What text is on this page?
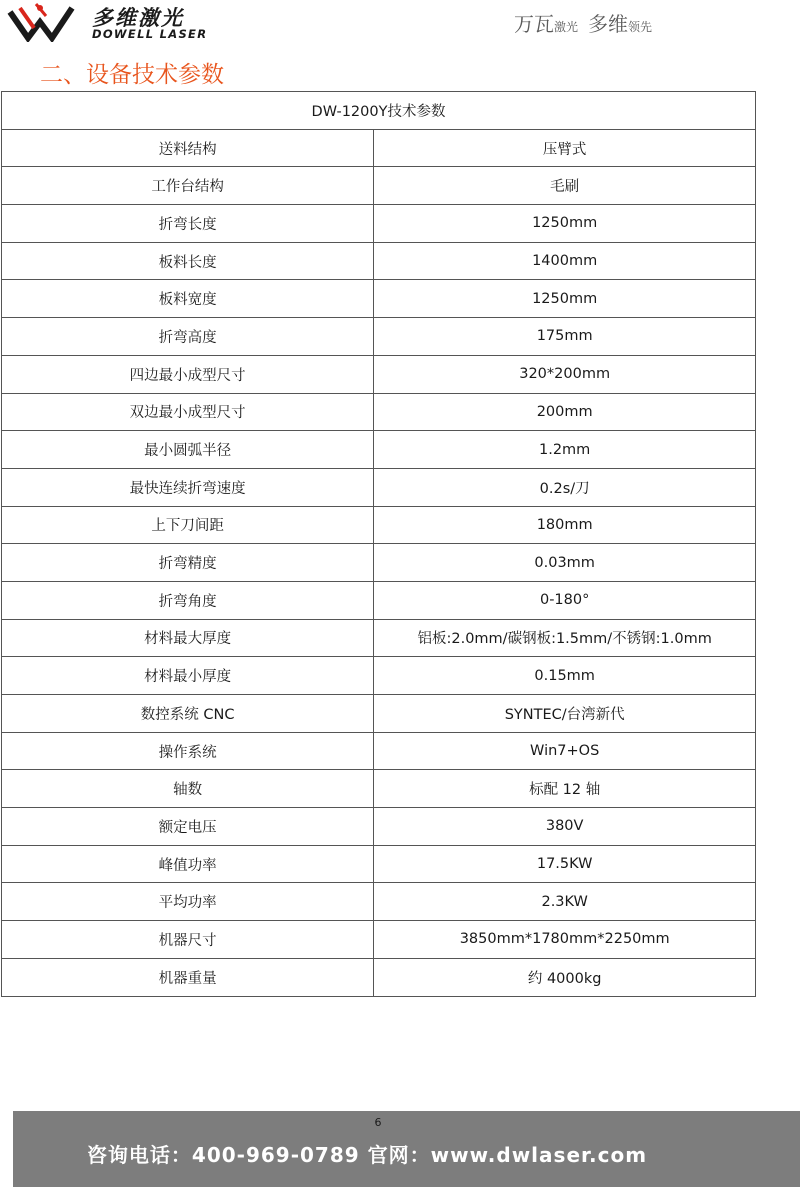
多维激光
DOWELL LASER	万瓦激光 多维领先
二、设备技术参数
DW-1200Y技术参数	
送料结构	压臂式
工作台结构	毛刷
折弯长度	1250mm
板料长度	1400mm
板料宽度	1250mm
折弯高度	175mm
四边最小成型尺寸	320*200mm
双边最小成型尺寸	200mm
最小圆弧半径	1.2mm
最快连续折弯速度	0.2s/刀
上下刀间距	180mm
折弯精度	0.03mm
折弯角度	0-180°
材料最大厚度	铝板:2.0mm/碳钢板:1.5mm/不锈钢:1.0mm
材料最小厚度	0.15mm
数控系统 CNC	SYNTEC/台湾新代
操作系统	Win7+OS
轴数	标配 12 轴
额定电压	380V
峰值功率	17.5KW
平均功率	2.3KW
机器尺寸	3850mm*1780mm*2250mm
机器重量	约 4000kg
6
咨询电话：400-969-0789 官网：www.dwlaser.com
